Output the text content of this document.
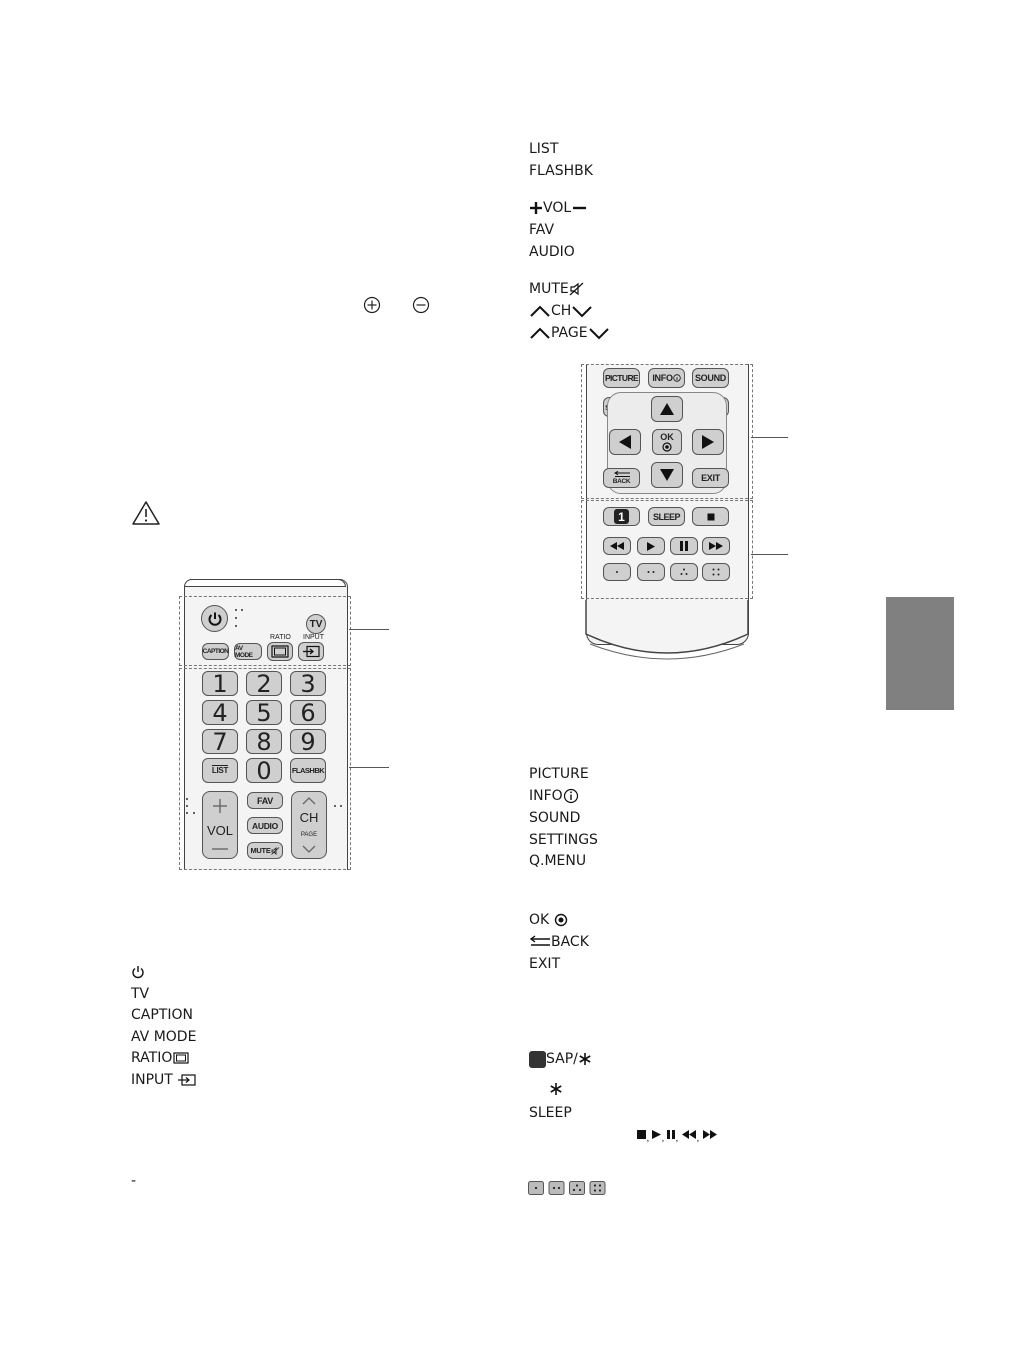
LIST
FLASHBK
VOL
FAV
AUDIO
MUTE
CH
PAGE
PICTURE
INFO
SOUND
SETTINGS
Q.MENU
OK
BACK
EXIT
SAP/
SLEEP
, , , ,
TV
CAPTION
AV MODE
RATIO
INPUT
-
TV
RATIO INPUT
CAPTION AV MODE
1	2	3
4	5	6
7	8	9
LIST	0	FLASHBK
VOL
FAV
AUDIO
MUTE
CH
PAGE
PICTURE INFO	SOUND
OK
BACK	EXIT
1	SLEEP
